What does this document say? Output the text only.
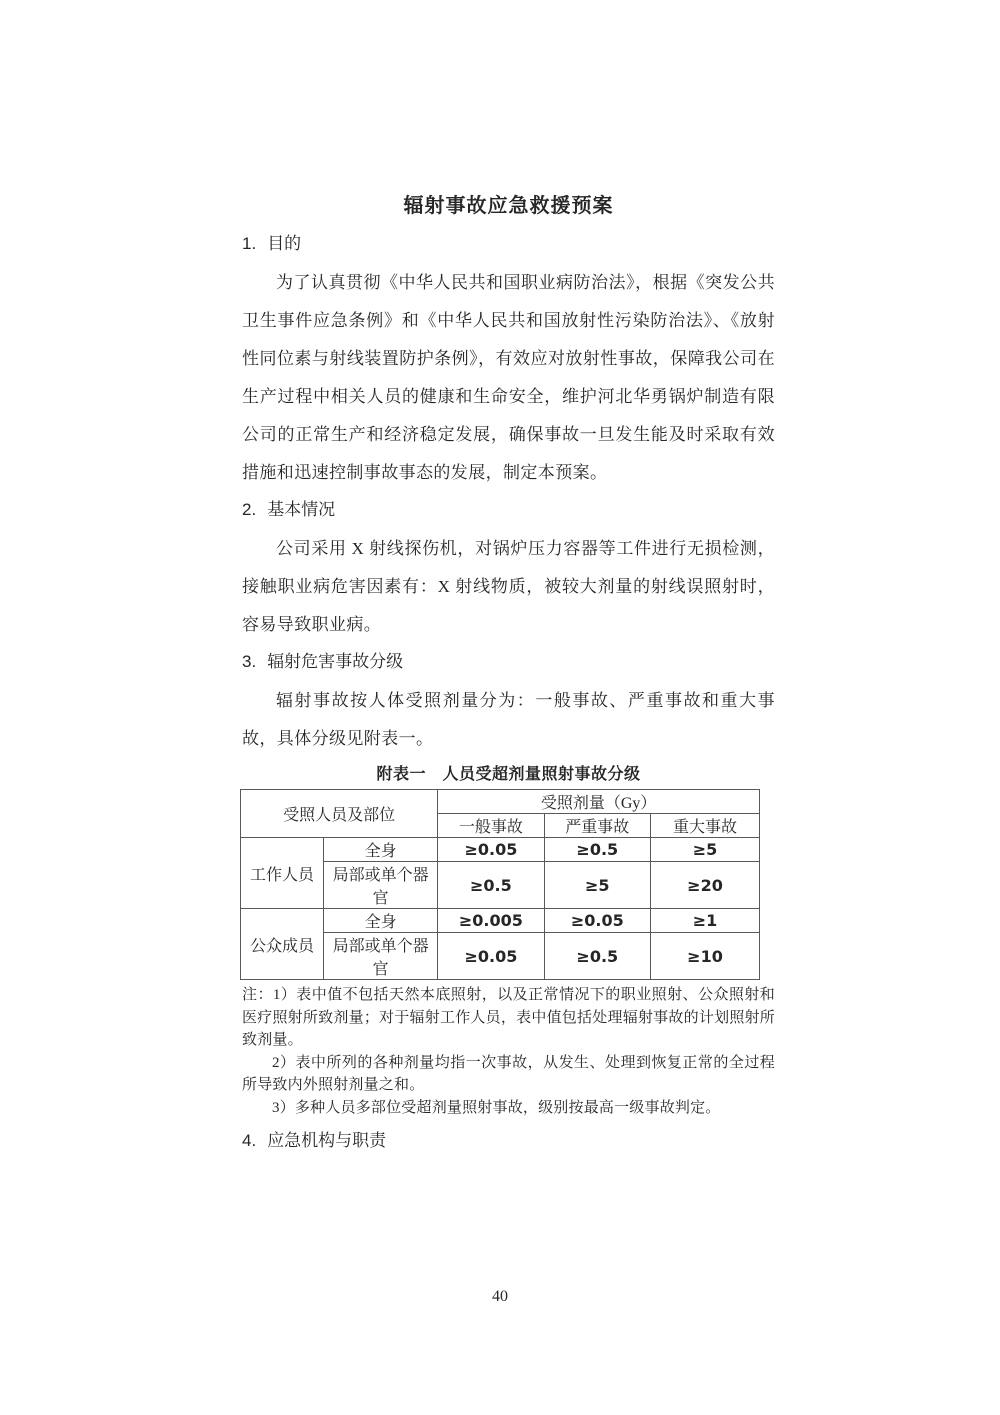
辐射事故应急救援预案
1. 目的

为了认真贯彻《中华人民共和国职业病防治法》，根据《突发公共卫生事件应急条例》和《中华人民共和国放射性污染防治法》、《放射性同位素与射线装置防护条例》，有效应对放射性事故，保障我公司在生产过程中相关人员的健康和生命安全，维护河北华勇锅炉制造有限公司的正常生产和经济稳定发展，确保事故一旦发生能及时采取有效措施和迅速控制事故事态的发展，制定本预案。

2. 基本情况

公司采用 X 射线探伤机，对锅炉压力容器等工件进行无损检测，接触职业病危害因素有：X 射线物质，被较大剂量的射线误照射时，容易导致职业病。

3. 辐射危害事故分级

辐射事故按人体受照剂量分为：一般事故、严重事故和重大事故，具体分级见附表一。

附表一　人员受超剂量照射事故分级
受照人员及部位		受照剂量（Gy）		
		一般事故	严重事故	重大事故
工作人员	全身	≥0.05	≥0.5	≥5
	局部或单个器官	≥0.5	≥5	≥20
公众成员	全身	≥0.005	≥0.05	≥1
	局部或单个器官	≥0.05	≥0.5	≥10

注：1）表中值不包括天然本底照射，以及正常情况下的职业照射、公众照射和医疗照射所致剂量；对于辐射工作人员，表中值包括处理辐射事故的计划照射所致剂量。

2）表中所列的各种剂量均指一次事故，从发生、处理到恢复正常的全过程所导致内外照射剂量之和。

3）多种人员多部位受超剂量照射事故，级别按最高一级事故判定。

4. 应急机构与职责
40
